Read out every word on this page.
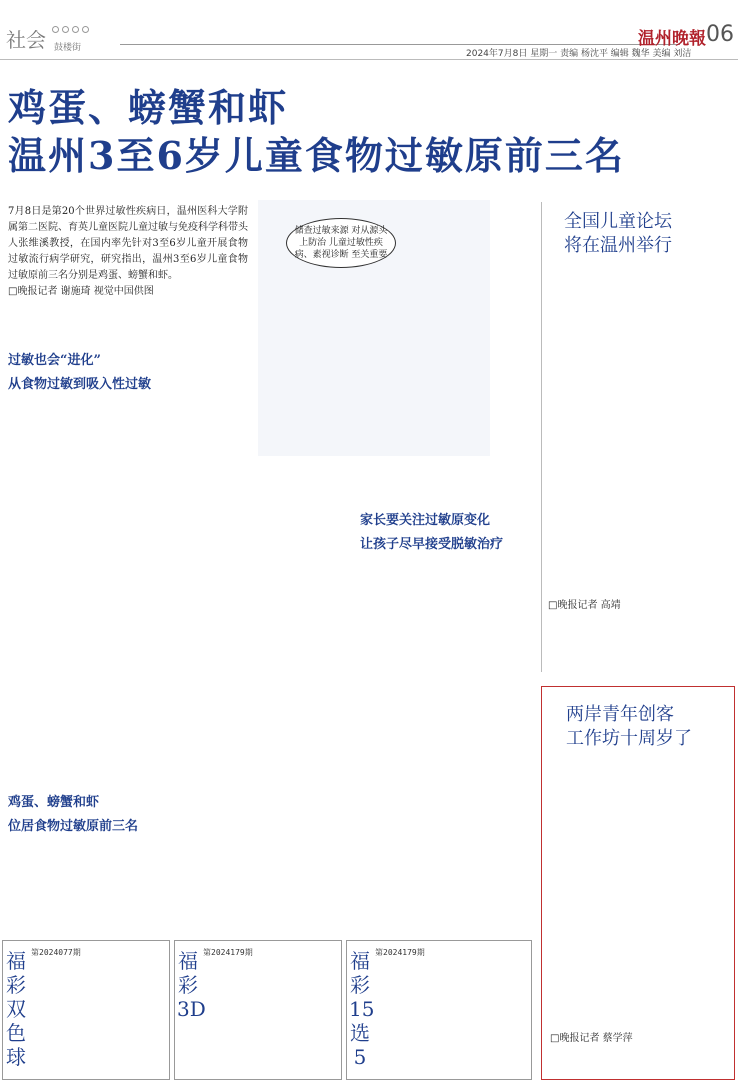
社会 鼓楼街	温州晚報 06
2024年7月8日 星期一 责编 杨沈平 编辑 魏华 美编 刘洁
鸡蛋、螃蟹和虾
温州3至6岁儿童食物过敏原前三名

7月8日是第20个世界过敏性疾病日，温州医科大学附属第二医院、育英儿童医院儿童过敏与免疫科学科带头人张维溪教授，在国内率先针对3至6岁儿童开展食物过敏流行病学研究，研究指出，温州3至6岁儿童食物过敏原前三名分别是鸡蛋、螃蟹和虾。

□晚报记者 谢施琦 视觉中国供图

储查过敏来源 对从源头上防治 儿童过敏性疾病、素视诊断 至关重要
过敏也会“进化”
从食物过敏到吸入性过敏
鸡蛋、螃蟹和虾
位居食物过敏原前三名
家长要关注过敏原变化
让孩子尽早接受脱敏治疗
全国儿童论坛
将在温州举行

□晚报记者 高靖

两岸青年创客
工作坊十周岁了

□晚报记者 蔡学萍

福彩双色球
第2024077期	福彩3D
第2024179期	福彩15选5
第2024179期
